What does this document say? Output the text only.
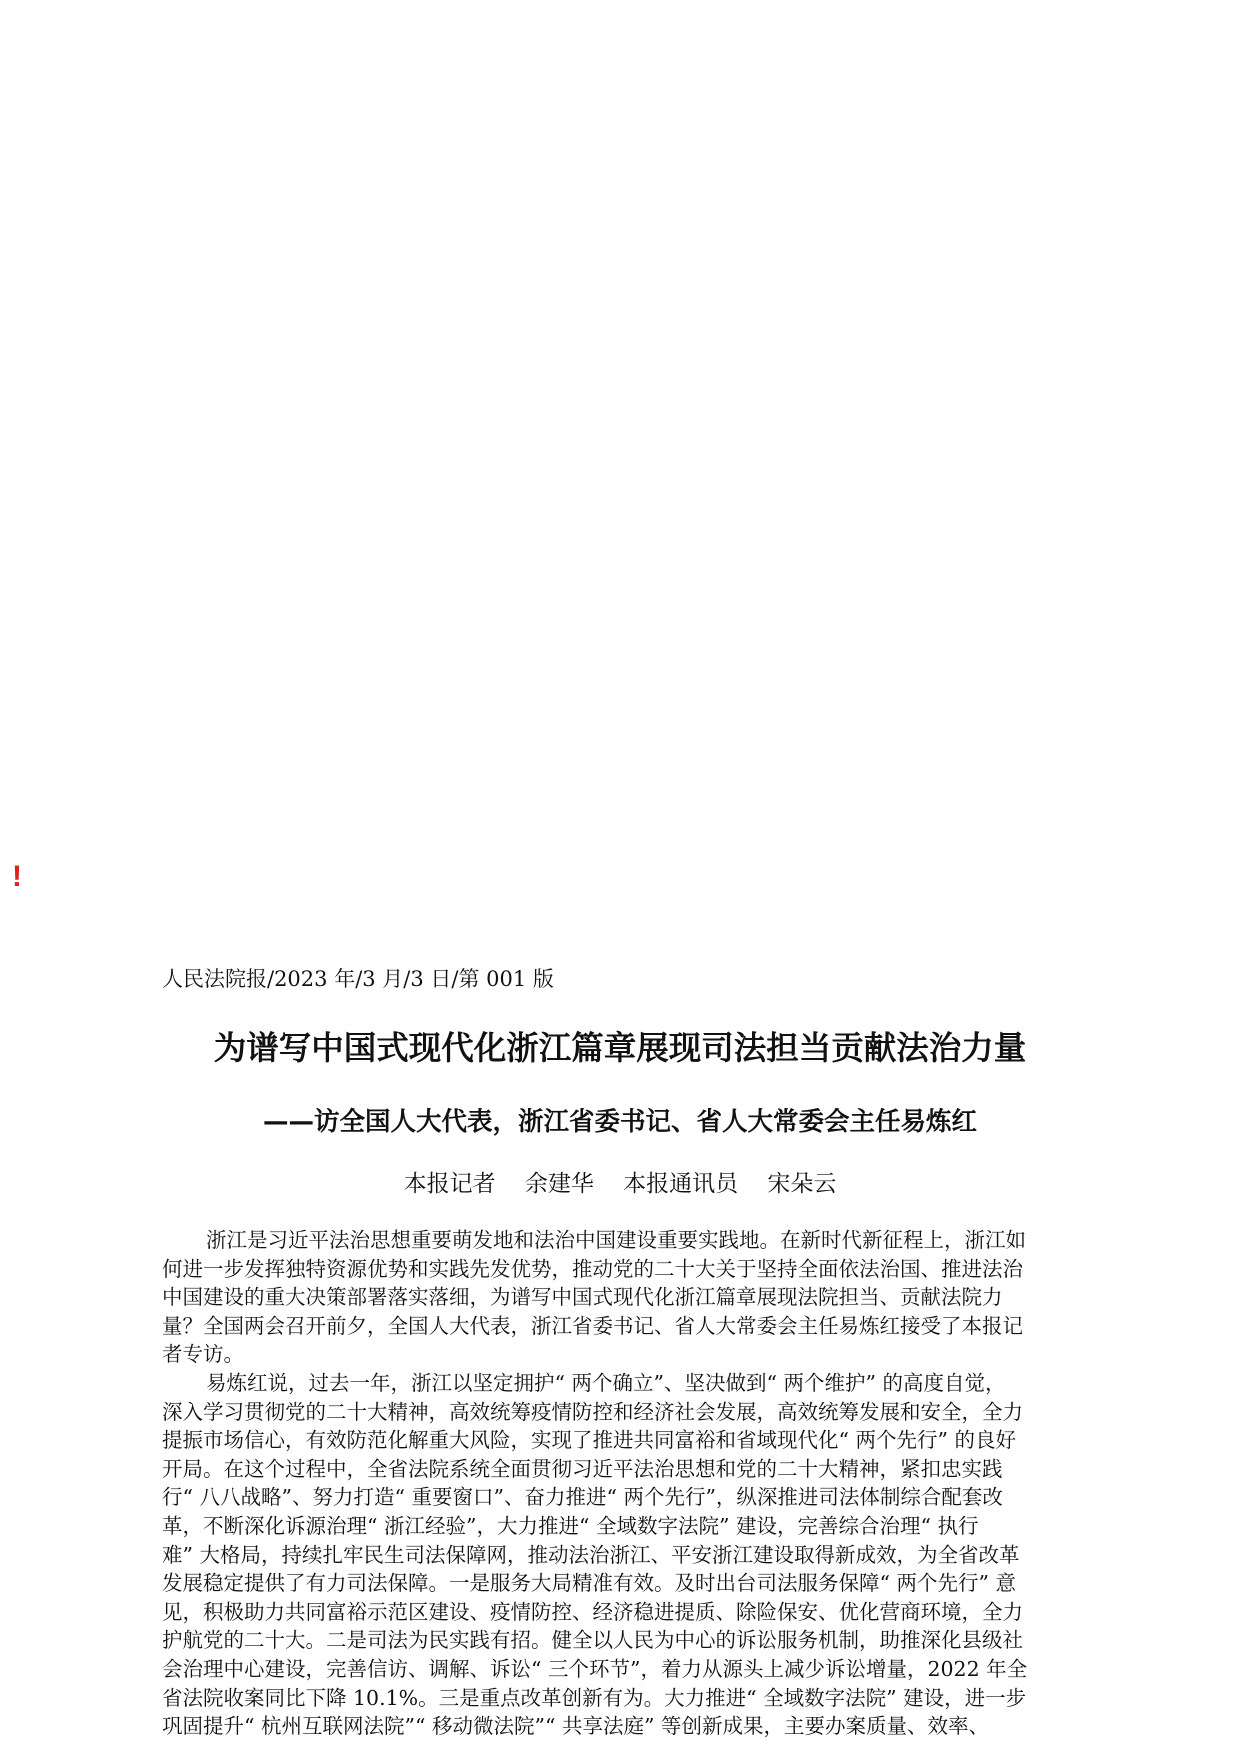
!
人民法院报/2023 年/3 月/3 日/第 001 版
为谱写中国式现代化浙江篇章展现司法担当贡献法治力量
——访全国人大代表，浙江省委书记、省人大常委会主任易炼红
本报记者    余建华    本报通讯员    宋朵云
浙江是习近平法治思想重要萌发地和法治中国建设重要实践地。在新时代新征程上，浙江如
何进一步发挥独特资源优势和实践先发优势，推动党的二十大关于坚持全面依法治国、推进法治
中国建设的重大决策部署落实落细，为谱写中国式现代化浙江篇章展现法院担当、贡献法院力
量？全国两会召开前夕，全国人大代表，浙江省委书记、省人大常委会主任易炼红接受了本报记
者专访。
易炼红说，过去一年，浙江以坚定拥护“ 两个确立”、坚决做到“ 两个维护” 的高度自觉，
深入学习贯彻党的二十大精神，高效统筹疫情防控和经济社会发展，高效统筹发展和安全，全力
提振市场信心，有效防范化解重大风险，实现了推进共同富裕和省域现代化“ 两个先行” 的良好
开局。在这个过程中，全省法院系统全面贯彻习近平法治思想和党的二十大精神，紧扣忠实践
行“ 八八战略”、努力打造“ 重要窗口”、奋力推进“ 两个先行”，纵深推进司法体制综合配套改
革，不断深化诉源治理“ 浙江经验”，大力推进“ 全域数字法院” 建设，完善综合治理“ 执行
难” 大格局，持续扎牢民生司法保障网，推动法治浙江、平安浙江建设取得新成效，为全省改革
发展稳定提供了有力司法保障。一是服务大局精准有效。及时出台司法服务保障“ 两个先行” 意
见，积极助力共同富裕示范区建设、疫情防控、经济稳进提质、除险保安、优化营商环境，全力
护航党的二十大。二是司法为民实践有招。健全以人民为中心的诉讼服务机制，助推深化县级社
会治理中心建设，完善信访、调解、诉讼“ 三个环节”，着力从源头上减少诉讼增量，2022 年全
省法院收案同比下降 10.1%。三是重点改革创新有为。大力推进“ 全域数字法院” 建设，进一步
巩固提升“ 杭州互联网法院”“ 移动微法院”“ 共享法庭” 等创新成果，主要办案质量、效率、
